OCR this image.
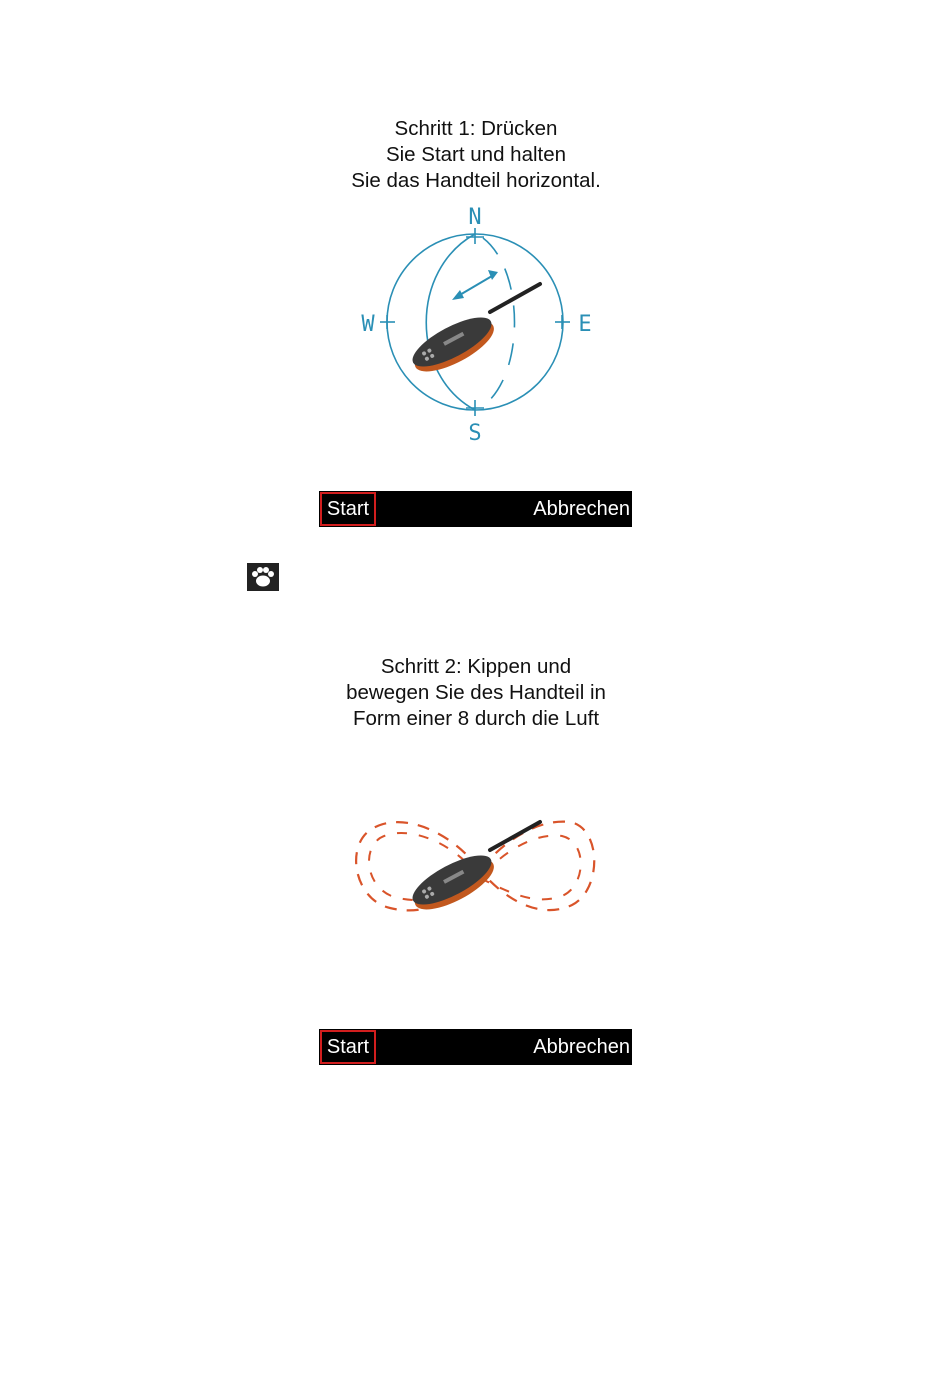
Schritt 1: Drücken
Sie Start und halten
Sie das Handteil horizontal.
N
S
W	E
Start	Abbrechen
Schritt 2: Kippen und
bewegen Sie des Handteil in
Form einer 8 durch die Luft
Start	Abbrechen
